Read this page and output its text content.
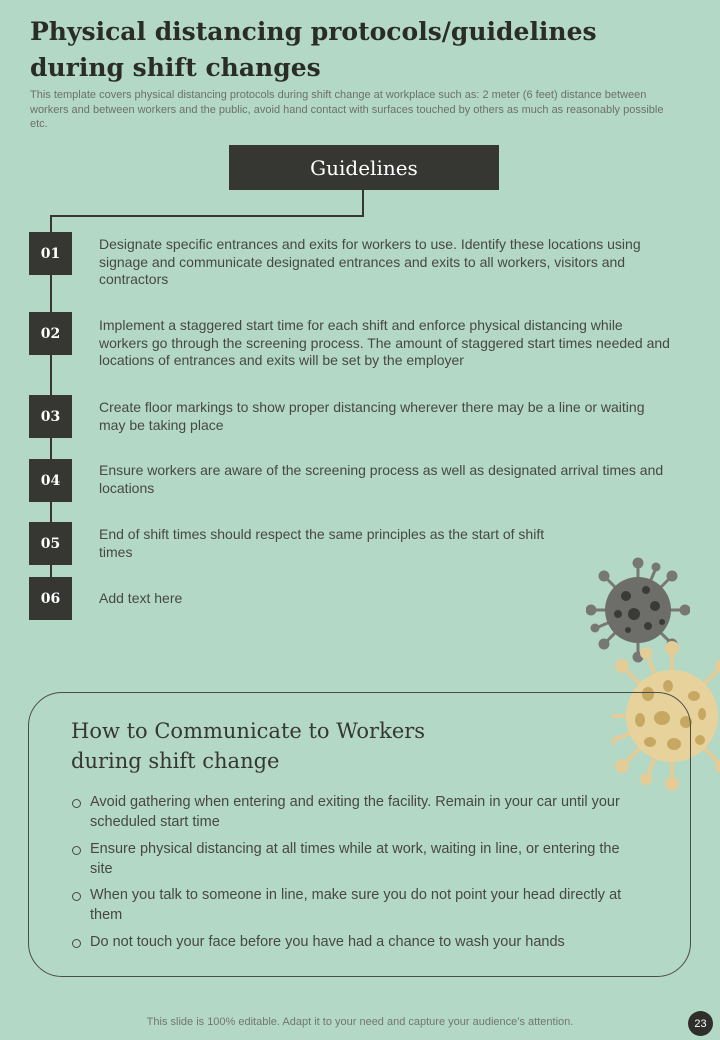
Physical distancing protocols/guidelines
during shift changes

This template covers physical distancing protocols during shift change at workplace such as: 2 meter (6 feet) distance between workers and between workers and the public, avoid hand contact with surfaces touched by others as much as reasonably possible etc.

Guidelines
01
02
03
04
05
06

Designate specific entrances and exits for workers to use. Identify these locations using signage and communicate designated entrances and exits to all workers, visitors and contractors

Implement a staggered start time for each shift and enforce physical distancing while workers go through the screening process. The amount of staggered start times needed and locations of entrances and exits will be set by the employer

Create floor markings to show proper distancing wherever there may be a line or waiting may be taking place

Ensure workers are aware of the screening process as well as designated arrival times and locations

End of shift times should respect the same principles as the start of shift times

Add text here

How to Communicate to Workers
during shift change

Avoid gathering when entering and exiting the facility. Remain in your car until your scheduled start time

Ensure physical distancing at all times while at work, waiting in line, or entering the site

When you talk to someone in line, make sure you do not point your head directly at them

Do not touch your face before you have had a chance to wash your hands

This slide is 100% editable. Adapt it to your need and capture your audience’s attention.	23
